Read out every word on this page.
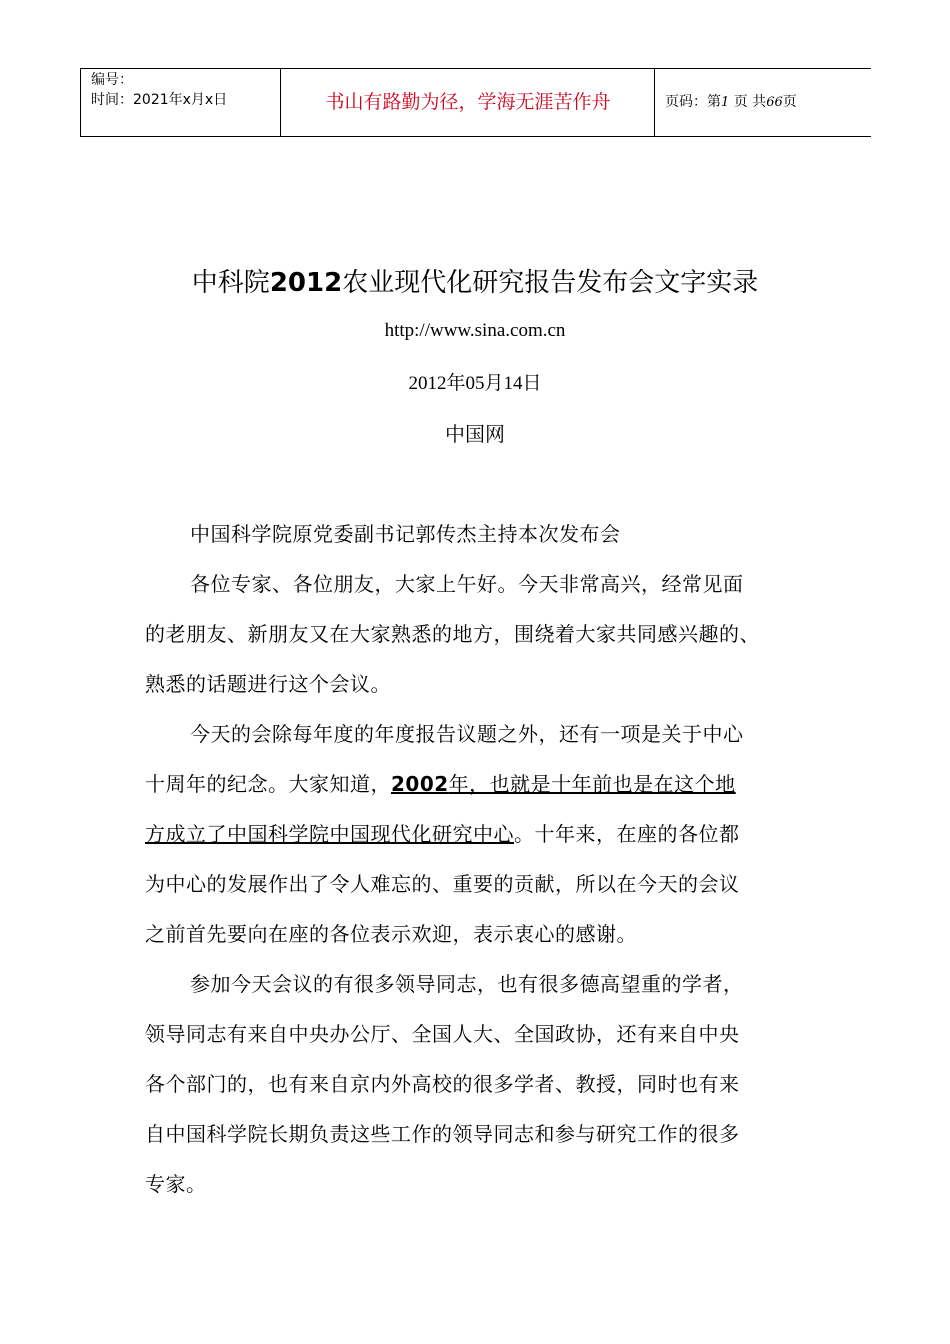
编号：
时间：2021年x月x日	书山有路勤为径，学海无涯苦作舟	页码：第1 页 共66页
中科院2012农业现代化研究报告发布会文字实录
http://www.sina.com.cn
2012年05月14日
中国网
中国科学院原党委副书记郭传杰主持本次发布会
各位专家、各位朋友，大家上午好。今天非常高兴，经常见面
的老朋友、新朋友又在大家熟悉的地方，围绕着大家共同感兴趣的、
熟悉的话题进行这个会议。
今天的会除每年度的年度报告议题之外，还有一项是关于中心
十周年的纪念。大家知道，2002年，也就是十年前也是在这个地
方成立了中国科学院中国现代化研究中心。十年来，在座的各位都
为中心的发展作出了令人难忘的、重要的贡献，所以在今天的会议
之前首先要向在座的各位表示欢迎，表示衷心的感谢。
参加今天会议的有很多领导同志，也有很多德高望重的学者，
领导同志有来自中央办公厅、全国人大、全国政协，还有来自中央
各个部门的，也有来自京内外高校的很多学者、教授，同时也有来
自中国科学院长期负责这些工作的领导同志和参与研究工作的很多
专家。
